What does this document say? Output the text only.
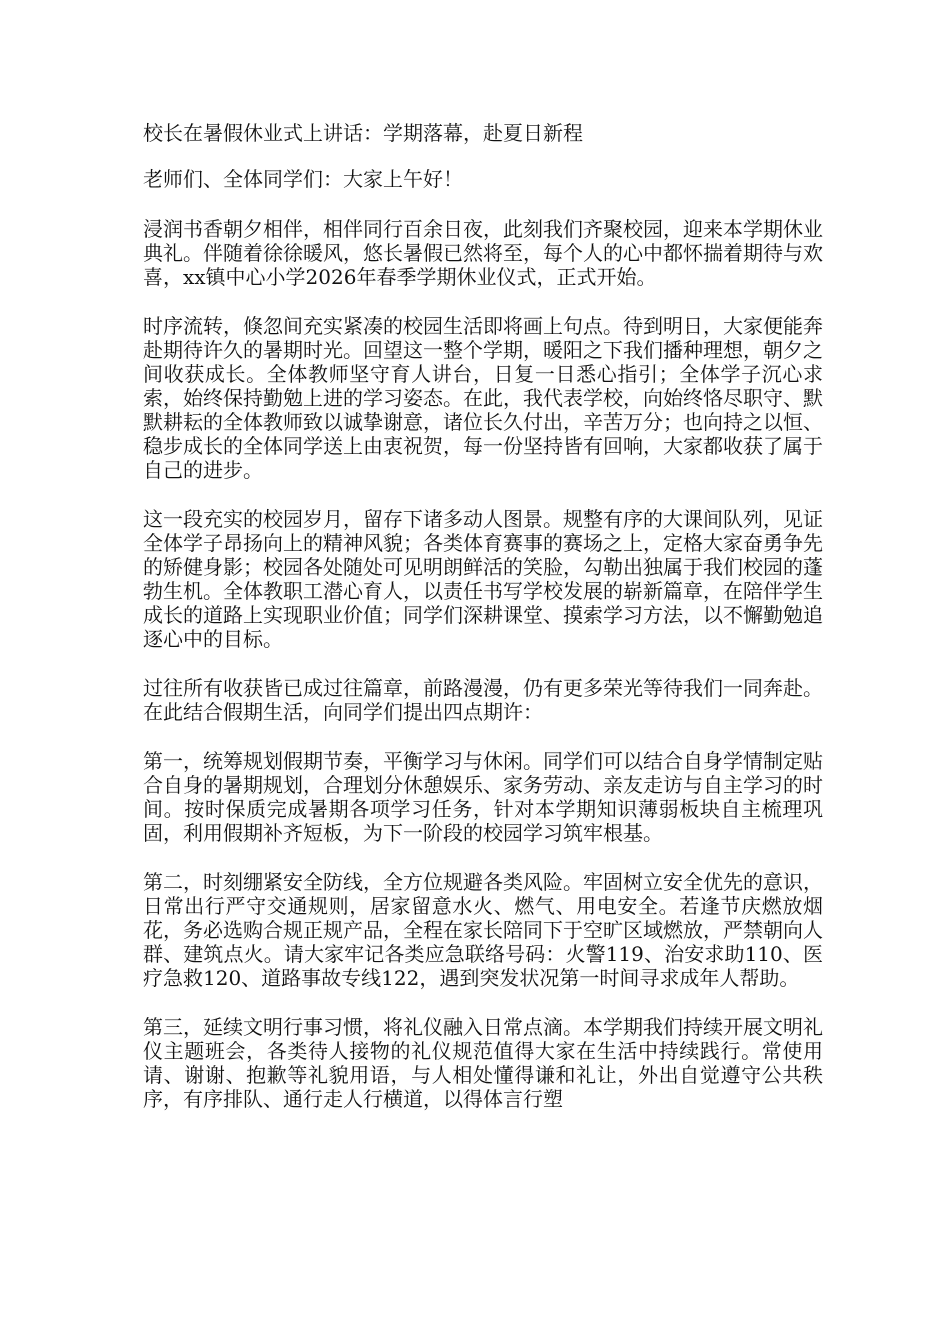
校长在暑假休业式上讲话：学期落幕，赴夏日新程

老师们、全体同学们：大家上午好！

浸润书香朝夕相伴，相伴同行百余日夜，此刻我们齐聚校园，迎来本学期休业典礼。伴随着徐徐暖风，悠长暑假已然将至，每个人的心中都怀揣着期待与欢喜，xx镇中心小学2026年春季学期休业仪式，正式开始。

时序流转，倏忽间充实紧凑的校园生活即将画上句点。待到明日，大家便能奔赴期待许久的暑期时光。回望这一整个学期，暖阳之下我们播种理想，朝夕之间收获成长。全体教师坚守育人讲台，日复一日悉心指引；全体学子沉心求索，始终保持勤勉上进的学习姿态。在此，我代表学校，向始终恪尽职守、默默耕耘的全体教师致以诚挚谢意，诸位长久付出，辛苦万分；也向持之以恒、稳步成长的全体同学送上由衷祝贺，每一份坚持皆有回响，大家都收获了属于自己的进步。

这一段充实的校园岁月，留存下诸多动人图景。规整有序的大课间队列，见证全体学子昂扬向上的精神风貌；各类体育赛事的赛场之上，定格大家奋勇争先的矫健身影；校园各处随处可见明朗鲜活的笑脸，勾勒出独属于我们校园的蓬勃生机。全体教职工潜心育人，以责任书写学校发展的崭新篇章，在陪伴学生成长的道路上实现职业价值；同学们深耕课堂、摸索学习方法，以不懈勤勉追逐心中的目标。

过往所有收获皆已成过往篇章，前路漫漫，仍有更多荣光等待我们一同奔赴。在此结合假期生活，向同学们提出四点期许：

第一，统筹规划假期节奏，平衡学习与休闲。同学们可以结合自身学情制定贴合自身的暑期规划，合理划分休憩娱乐、家务劳动、亲友走访与自主学习的时间。按时保质完成暑期各项学习任务，针对本学期知识薄弱板块自主梳理巩固，利用假期补齐短板，为下一阶段的校园学习筑牢根基。

第二，时刻绷紧安全防线，全方位规避各类风险。牢固树立安全优先的意识，日常出行严守交通规则，居家留意水火、燃气、用电安全。若逢节庆燃放烟花，务必选购合规正规产品，全程在家长陪同下于空旷区域燃放，严禁朝向人群、建筑点火。请大家牢记各类应急联络号码：火警119、治安求助110、医疗急救120、道路事故专线122，遇到突发状况第一时间寻求成年人帮助。

第三，延续文明行事习惯，将礼仪融入日常点滴。本学期我们持续开展文明礼仪主题班会，各类待人接物的礼仪规范值得大家在生活中持续践行。常使用请、谢谢、抱歉等礼貌用语，与人相处懂得谦和礼让，外出自觉遵守公共秩序，有序排队、通行走人行横道，以得体言行塑
